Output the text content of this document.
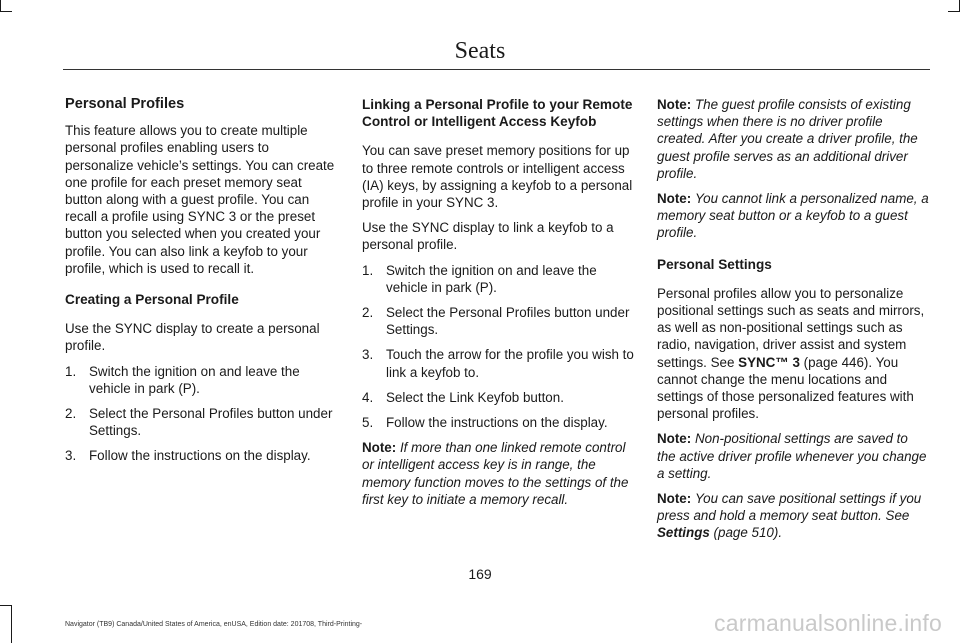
Seats
Personal Profiles

This feature allows you to create multiple personal profiles enabling users to personalize vehicle’s settings. You can create one profile for each preset memory seat button along with a guest profile. You can recall a profile using SYNC 3 or the preset button you selected when you created your profile. You can also link a keyfob to your profile, which is used to recall it.

Creating a Personal Profile

Use the SYNC display to create a personal profile.

1. Switch the ignition on and leave the vehicle in park (P).
2. Select the Personal Profiles button under Settings.
3. Follow the instructions on the display.
Linking a Personal Profile to your Remote Control or Intelligent Access Keyfob

You can save preset memory positions for up to three remote controls or intelligent access (IA) keys, by assigning a keyfob to a personal profile in your SYNC 3.

Use the SYNC display to link a keyfob to a personal profile.

1. Switch the ignition on and leave the vehicle in park (P).
2. Select the Personal Profiles button under Settings.
3. Touch the arrow for the profile you wish to link a keyfob to.
4. Select the Link Keyfob button.
5. Follow the instructions on the display.

Note: If more than one linked remote control or intelligent access key is in range, the memory function moves to the settings of the first key to initiate a memory recall.

Note: The guest profile consists of existing settings when there is no driver profile created. After you create a driver profile, the guest profile serves as an additional driver profile.

Note: You cannot link a personalized name, a memory seat button or a keyfob to a guest profile.

Personal Settings

Personal profiles allow you to personalize positional settings such as seats and mirrors, as well as non-positional settings such as radio, navigation, driver assist and system settings. See SYNC™ 3 (page 446). You cannot change the menu locations and settings of those personalized features with personal profiles.

Note: Non-positional settings are saved to the active driver profile whenever you change a setting.

Note: You can save positional settings if you press and hold a memory seat button. See Settings (page 510).

169
Navigator (TB9) Canada/United States of America, enUSA, Edition date: 201708, Third-Printing-	carmanualsonline.info
